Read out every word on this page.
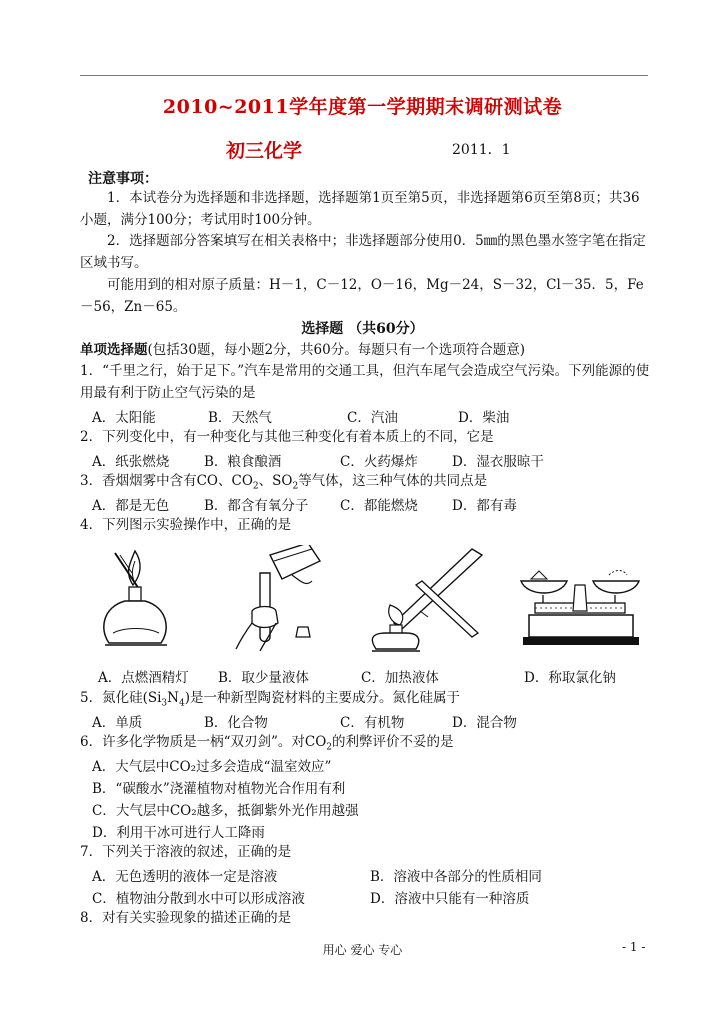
2010~2011学年度第一学期期末调研测试卷
初三化学	2011．1
注意事项：
1．本试卷分为选择题和非选择题，选择题第1页至第5页，非选择题第6页至第8页；共36小题，满分100分；考试用时100分钟。
2．选择题部分答案填写在相关表格中；非选择题部分使用0．5㎜的黑色墨水签字笔在指定区域书写。
可能用到的相对原子质量：H－1，C－12，O－16，Mg－24，S－32，Cl－35．5，Fe－56，Zn－65。
选择题 （共60分）
单项选择题(包括30题，每小题2分，共60分。每题只有一个选项符合题意)
1．“千里之行，始于足下。”汽车是常用的交通工具，但汽车尾气会造成空气污染。下列能源的使用最有利于防止空气污染的是
A．太阳能	B．天然气	C．汽油	D．柴油
2．下列变化中，有一种变化与其他三种变化有着本质上的不同，它是
A．纸张燃烧	B．粮食酿酒	C．火药爆炸	D．湿衣服晾干
3．香烟烟雾中含有CO、$CO_2$、$SO_2$等气体，这三种气体的共同点是
A．都是无色	B．都含有氧分子 C．都能燃烧	D．都有毒
4．下列图示实验操作中，正确的是
A．点燃酒精灯 B．取少量液体	C．加热液体	D．称取氯化钠
5．氮化硅$(Si_3N_4)$是一种新型陶瓷材料的主要成分。氮化硅属于
A．单质	B．化合物	C．有机物	D．混合物
6．许多化学物质是一柄“双刃剑”。对$CO_2$的利弊评价不妥的是
A．大气层中CO₂过多会造成“温室效应”
B．“碳酸水”浇灌植物对植物光合作用有利
C．大气层中CO₂越多，抵御紫外光作用越强
D．利用干冰可进行人工降雨
7．下列关于溶液的叙述，正确的是
A．无色透明的液体一定是溶液	B．溶液中各部分的性质相同
C．植物油分散到水中可以形成溶液	D．溶液中只能有一种溶质
8．对有关实验现象的描述正确的是
用心 爱心 专心	- 1 -
